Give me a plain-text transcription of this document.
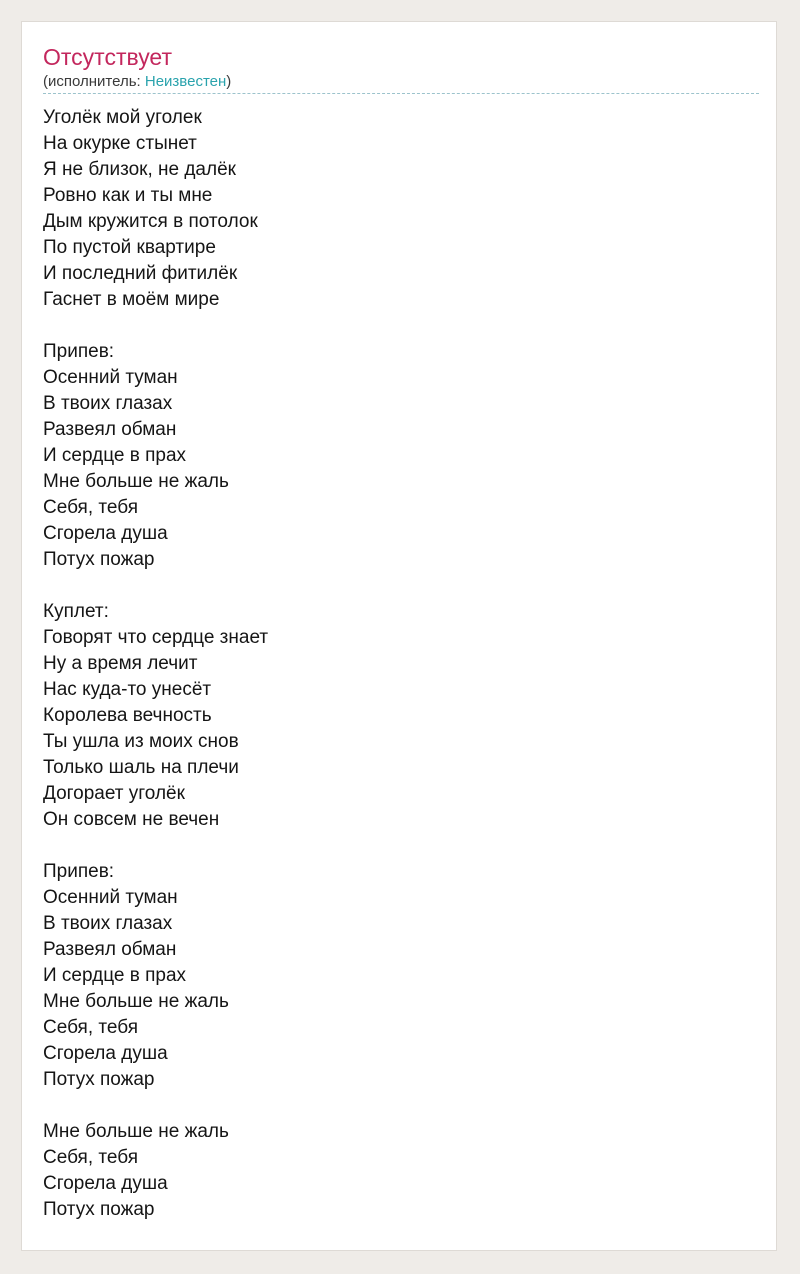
Отсутствует
(исполнитель: Неизвестен)
Уголёк мой уголек
На окурке стынет
Я не близок, не далёк
Ровно как и ты мне
Дым кружится в потолок
По пустой квартире
И последний фитилёк
Гаснет в моём мире
Припев:
Осенний туман
В твоих глазах
Развеял обман
И сердце в прах
Мне больше не жаль
Себя, тебя
Сгорела душа
Потух пожар
Куплет:
Говорят что сердце знает
Ну а время лечит
Нас куда-то унесёт
Королева вечность
Ты ушла из моих снов
Только шаль на плечи
Догорает уголёк
Он совсем не вечен
Припев:
Осенний туман
В твоих глазах
Развеял обман
И сердце в прах
Мне больше не жаль
Себя, тебя
Сгорела душа
Потух пожар
Мне больше не жаль
Себя, тебя
Сгорела душа
Потух пожар
